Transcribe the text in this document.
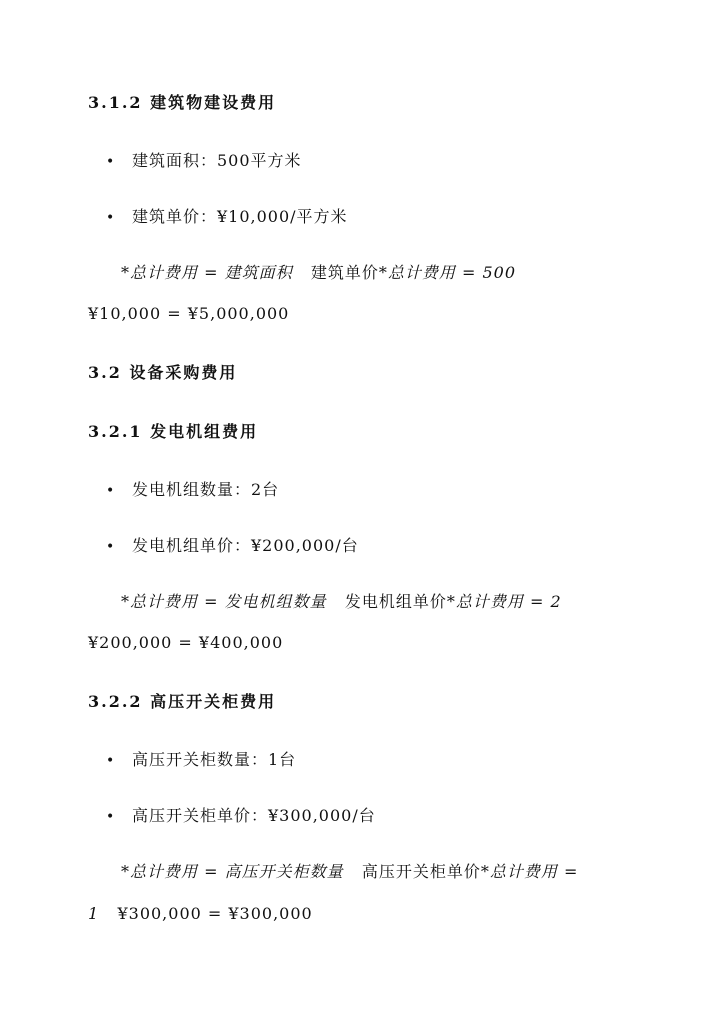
3.1.2 建筑物建设费用
• 建筑面积：500平方米
• 建筑单价：¥10,000/平方米
*总计费用 = 建筑面积 建筑单价*总计费用 = 500
¥10,000 = ¥5,000,000
3.2 设备采购费用
3.2.1 发电机组费用
• 发电机组数量：2台
• 发电机组单价：¥200,000/台
*总计费用 = 发电机组数量 发电机组单价*总计费用 = 2
¥200,000 = ¥400,000
3.2.2 高压开关柜费用
• 高压开关柜数量：1台
• 高压开关柜单价：¥300,000/台
*总计费用 = 高压开关柜数量 高压开关柜单价*总计费用 =
1 ¥300,000 = ¥300,000
